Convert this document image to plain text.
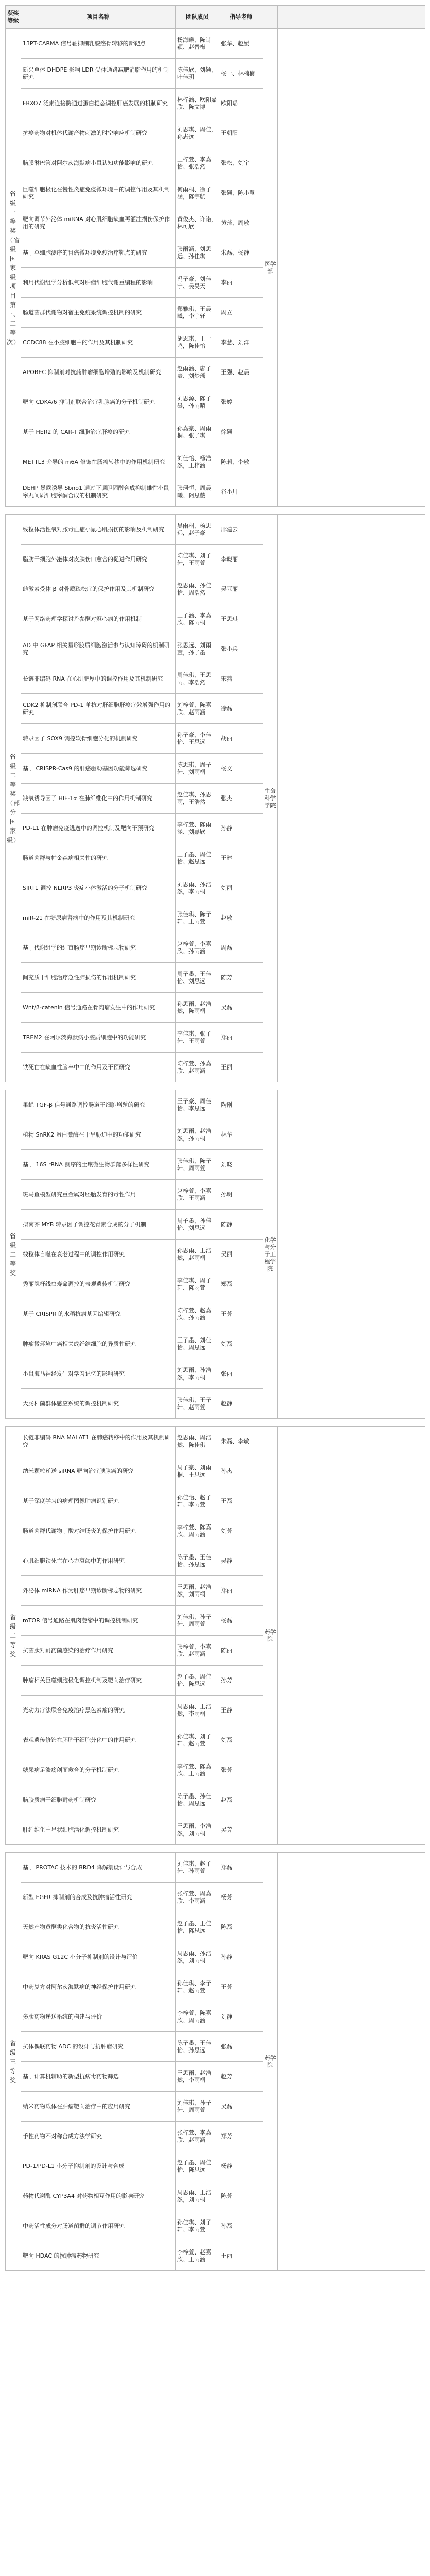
获奖等级	项目名称	团队成员	指导老师		
省级一等奖（省级国家级项目第一、二等次）	13PT-CARMA 信号轴抑制乳腺癌骨转移的新靶点	杨海曦、陈诗颖、赵晋梅	张华、赵媛	医学部	

	新兴单体 DHDPE 影响 LDR 受体通路减肥消脂作用的机制研究	陈佳欣、刘颖，叶佳玥	杨一、林楠楠		
	FBXO7 泛素连接酶通过蛋白稳态调控肝癌发展的机制研究	林梓涵、欧阳嘉欣、陈文博	欧阳瑶		
	抗癌药物对机体代谢产物刺激的时空响应机制研究	刘思琪、周佳，孙志远	王朝阳		
	脑膜淋巴管对阿尔茨海默病小鼠认知功能影响的研究	王梓萱、李嘉怡、张浩然	张松、刘宇		
	巨噬细胞极化在慢性炎症免疫微环境中的调控作用及其机制研究	何雨桐、徐子涵，陈宇航	张颖、陈小慧		
	靶向调节外泌体 miRNA 对心肌细胞缺血再灌注损伤保护作用的研究	黄俊杰、许诺，林可欣	黄琦、周敏		
	基于单细胞测序的胃癌微环境免疫治疗靶点的研究	张雨涵、刘思远、孙佳琪	朱磊、杨静		
	利用代谢组学分析低氧对肿瘤细胞代谢重编程的影响	冯子豪、刘佳宁、吴昊天	李丽		
	肠道菌群代谢物对宿主免疫系统调控机制的研究	郑雅琪、王晨曦，李宇轩	周立		
	CCDC88 在小胶细胞中的作用及其机制研究	胡思琪、王一鸣，陈佳怡	李慧、刘洋		
	APOBEC 抑制剂对抗药肿瘤细胞增殖的影响及机制研究	赵雨涵、唐子豪、刘梦瑶	王强、赵晨		
	靶向 CDK4/6 抑制剂联合治疗乳腺癌的分子机制研究	刘思源、陈子墨，孙雨晴	张婷		
	基于 HER2 的 CAR-T 细胞治疗肝癌的研究	孙嘉豪、周雨桐、张子琪	徐颖		
	METTL3 介导的 m6A 修饰在肠癌转移中的作用机制研究	刘佳怡、杨浩然，王梓涵	陈莉、李敏		
	DEHP 暴露诱导 Sbno1 通过下调胆固醇合成抑制雄性小鼠睾丸间质细胞睾酮合成的机制研究	张珂恒、周晨曦、阿思薇	谷小川		

省级二等奖（部分国家级）	线粒体活性氧对脓毒血症小鼠心肌损伤的影响及机制研究	吴雨桐、杨思远，赵子豪	邢建云	生命科学学院	

	脂肪干细胞外泌体对皮肤伤口愈合的促进作用研究	陈佳琪、刘子轩，王雨萱	李晓丽		
	雌激素受体 β 对骨质疏松症的保护作用及其机制研究	赵思雨、孙佳怡、周浩然	吴亚丽		
	基于网络药理学探讨丹参酮对冠心病的作用机制	王子涵、李嘉欣、陈雨桐	王思琪		
	AD 中 GFAP 相关星形胶质细胞激活参与认知障碍的机制研究	张思远、刘雨萱，孙子墨	张小兵		
	长链非编码 RNA 在心肌肥厚中的调控作用及其机制研究	周佳琪、王思雨、李浩然	宋燕		
	CDK2 抑制剂联合 PD-1 单抗对肝细胞肝癌疗效增强作用的研究	刘梓萱、陈嘉欣、赵雨涵	徐磊		
	转录因子 SOX9 调控软骨细胞分化的机制研究	孙子豪、李佳怡、王思远	胡丽		
	基于 CRISPR-Cas9 的肝癌驱动基因功能筛选研究	陈思琪、周子轩、刘雨桐	杨文		
	缺氧诱导因子 HIF-1α 在肺纤维化中的作用机制研究	赵佳琪、孙思雨，王浩然	张杰		
	PD-L1 在肿瘤免疫逃逸中的调控机制及靶向干预研究	李梓萱、陈雨涵、刘嘉欣	孙静		
	肠道菌群与帕金森病相关性的研究	王子墨、周佳怡、赵思远	王建		
	SIRT1 调控 NLRP3 炎症小体激活的分子机制研究	刘思雨、孙浩然，李雨桐	刘丽		
	miR-21 在糖尿病肾病中的作用及其机制研究	张佳琪、陈子轩、王雨萱	赵敏		
	基于代谢组学的结直肠癌早期诊断标志物研究	赵梓萱、李嘉欣、孙雨涵	周磊		
	间充质干细胞治疗急性肺损伤的作用机制研究	周子墨、王佳怡、刘思远	陈芳		
	Wnt/β-catenin 信号通路在骨肉瘤发生中的作用研究	孙思雨、赵浩然，陈雨桐	吴磊		
	TREM2 在阿尔茨海默病小胶质细胞中的功能研究	李佳琪、张子轩、王雨萱	郑丽		
	铁死亡在缺血性脑卒中中的作用及干预研究	陈梓萱、孙嘉欣、赵雨涵	王丽		

省级二等奖	果蝇 TGF-β 信号通路调控肠道干细胞增殖的研究	王子豪、周佳怡、李思远	陶刚	化学与分子工程学院	

	植物 SnRK2 蛋白激酶在干旱胁迫中的功能研究	刘思雨、赵浩然，孙雨桐	林华		
	基于 16S rRNA 测序的土壤微生物群落多样性研究	张佳琪、陈子轩、周雨萱	刘晓		
	斑马鱼模型研究重金属对胚胎发育的毒性作用	赵梓萱、李嘉欣、王雨涵	孙明		
	拟南芥 MYB 转录因子调控花青素合成的分子机制	周子墨、孙佳怡、刘思远	陈静		
	线粒体自噬在衰老过程中的调控作用研究	孙思雨、王浩然，赵雨桐	吴丽		
	秀丽隐杆线虫寿命调控的表观遗传机制研究	李佳琪、周子轩、陈雨萱	郑磊		
	基于 CRISPR 的水稻抗病基因编辑研究	陈梓萱、赵嘉欣、孙雨涵	王芳		
	肿瘤微环境中癌相关成纤维细胞的异质性研究	王子墨、刘佳怡、周思远	刘磊		
	小鼠海马神经发生对学习记忆的影响研究	刘思雨、孙浩然，李雨桐	张丽		
	大肠杆菌群体感应系统的调控机制研究	张佳琪、王子轩、赵雨萱	赵静		

省级二等奖	长链非编码 RNA MALAT1 在肺癌转移中的作用及其机制研究	赵思雨、周浩然、陈佳琪	朱磊、李敏	药学院	

	纳米颗粒递送 siRNA 靶向治疗胰腺癌的研究	周子豪、刘雨桐、王思远	孙杰		
	基于深度学习的病理图像肿瘤识别研究	孙佳怡、赵子轩、李雨萱	王磊		
	肠道菌群代谢物丁酸对结肠炎的保护作用研究	李梓萱、陈嘉欣、周雨涵	刘芳		
	心肌细胞铁死亡在心力衰竭中的作用研究	陈子墨、王佳怡、孙思远	吴静		
	外泌体 miRNA 作为肝癌早期诊断标志物的研究	王思雨、赵浩然，刘雨桐	郑丽		
	mTOR 信号通路在肌肉萎缩中的调控机制研究	刘佳琪、孙子轩、周雨萱	杨磊		
	抗菌肽对耐药菌感染的治疗作用研究	张梓萱、李嘉欣、赵雨涵	陈丽		
	肿瘤相关巨噬细胞极化调控机制及靶向治疗研究	赵子墨、周佳怡、陈思远	孙芳		
	光动力疗法联合免疫治疗黑色素瘤的研究	周思雨、王浩然，李雨桐	王静		
	表观遗传修饰在胚胎干细胞分化中的作用研究	孙佳琪、刘子轩、赵雨萱	刘磊		
	糖尿病足溃疡创面愈合的分子机制研究	李梓萱、陈嘉欣、王雨涵	张芳		
	脑胶质瘤干细胞耐药机制研究	陈子墨、孙佳怡、周思远	赵磊		
	肝纤维化中星状细胞活化调控机制研究	王思雨、李浩然，刘雨桐	吴芳		

省级三等奖	基于 PROTAC 技术的 BRD4 降解剂设计与合成	刘佳琪、赵子轩、孙雨萱	郑磊	药学院	

	新型 EGFR 抑制剂的合成及抗肿瘤活性研究	张梓萱、周嘉欣、李雨涵	杨芳		
	天然产物黄酮类化合物的抗炎活性研究	赵子墨、王佳怡、陈思远	陈磊		
	靶向 KRAS G12C 小分子抑制剂的设计与评价	周思雨、孙浩然，刘雨桐	孙静		
	中药复方对阿尔茨海默病的神经保护作用研究	孙佳琪、李子轩、赵雨萱	王芳		
	多肽药物递送系统的构建与评价	李梓萱、陈嘉欣、周雨涵	刘静		
	抗体偶联药物 ADC 的设计与抗肿瘤研究	陈子墨、王佳怡、孙思远	张磊		
	基于计算机辅助的新型抗病毒药物筛选	王思雨、赵浩然，李雨桐	赵芳		
	纳米药物载体在肿瘤靶向治疗中的应用研究	刘佳琪、孙子轩、周雨萱	吴磊		
	手性药物不对称合成方法学研究	张梓萱、李嘉欣、赵雨涵	郑芳		
	PD-1/PD-L1 小分子抑制剂的设计与合成	赵子墨、周佳怡、陈思远	杨静		
	药物代谢酶 CYP3A4 对药物相互作用的影响研究	周思雨、王浩然，刘雨桐	陈芳		
	中药活性成分对肠道菌群的调节作用研究	孙佳琪、刘子轩、李雨萱	孙磊		
	靶向 HDAC 的抗肿瘤药物研究	李梓萱、赵嘉欣、王雨涵	王丽		
